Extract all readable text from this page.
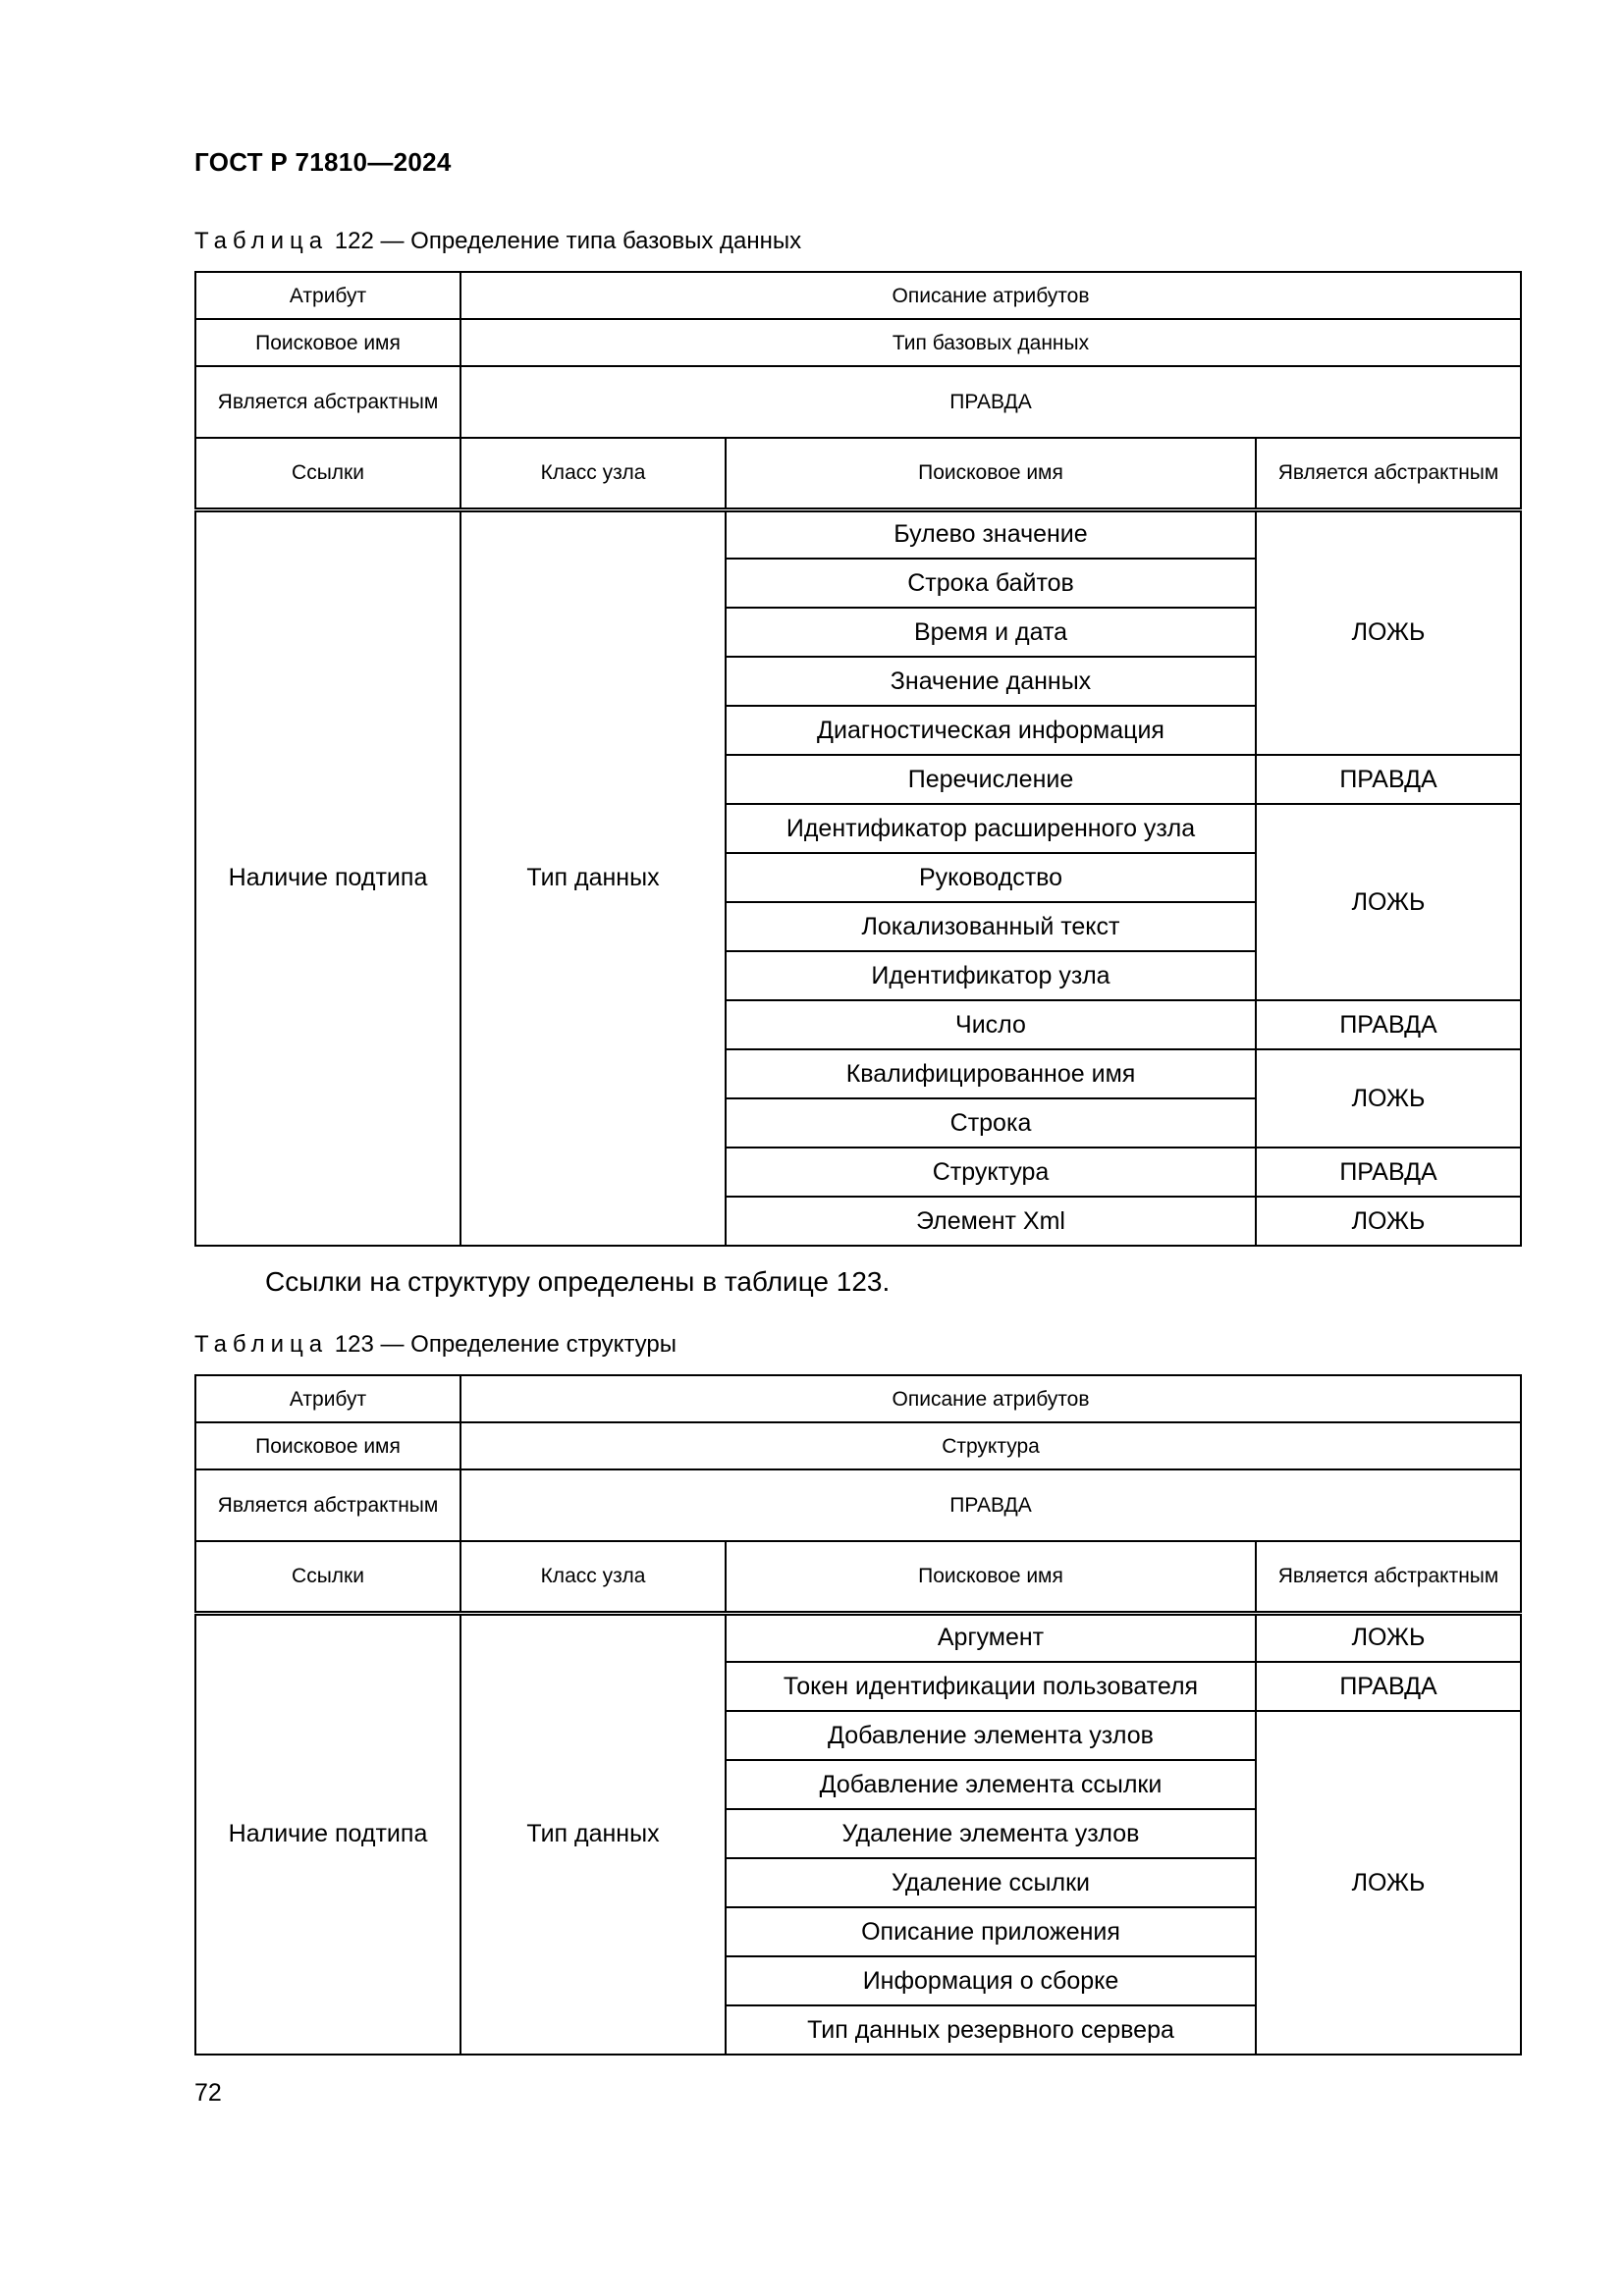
ГОСТ Р 71810—2024
Таблица 122 — Определение типа базовых данных
Атрибут	Описание атрибутов		
Поисковое имя	Тип базовых данных		
Является абстрактным	ПРАВДА		
Ссылки	Класс узла	Поисковое имя	Является абстрактным
Наличие подтипа	Тип данных	Булево значение	ЛОЖЬ
		Строка байтов	
		Время и дата	
		Значение данных	
		Диагностическая информация	
		Перечисление	ПРАВДА
		Идентификатор расширенного узла	ЛОЖЬ
		Руководство	
		Локализованный текст	
		Идентификатор узла	
		Число	ПРАВДА
		Квалифицированное имя	ЛОЖЬ
		Строка	
		Структура	ПРАВДА
		Элемент Xml	ЛОЖЬ
Ссылки на структуру определены в таблице 123.
Таблица 123 — Определение структуры
Атрибут	Описание атрибутов		
Поисковое имя	Структура		
Является абстрактным	ПРАВДА		
Ссылки	Класс узла	Поисковое имя	Является абстрактным
Наличие подтипа	Тип данных	Аргумент	ЛОЖЬ
		Токен идентификации пользователя	ПРАВДА
		Добавление элемента узлов	ЛОЖЬ
		Добавление элемента ссылки	
		Удаление элемента узлов	
		Удаление ссылки	
		Описание приложения	
		Информация о сборке	
		Тип данных резервного сервера	
72
